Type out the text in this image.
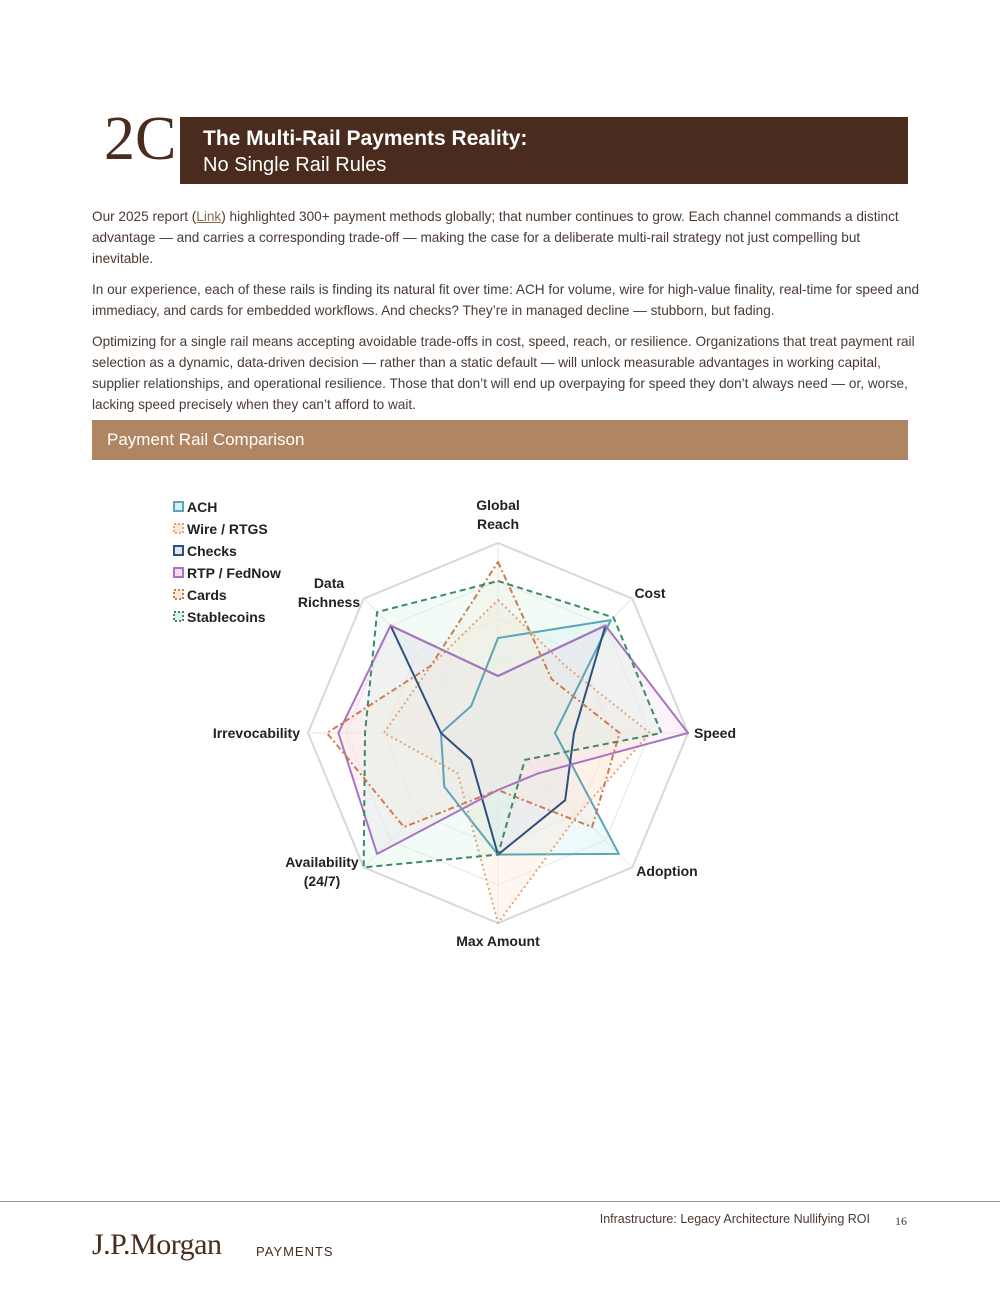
2C The Multi-Rail Payments Reality:
No Single Rail Rules

Our 2025 report (Link) highlighted 300+ payment methods globally; that number continues to grow. Each channel commands a distinct advantage — and carries a corresponding trade-off — making the case for a deliberate multi-rail strategy not just compelling but inevitable.

In our experience, each of these rails is finding its natural fit over time: ACH for volume, wire for high-value finality, real-time for speed and immediacy, and cards for embedded workflows. And checks? They’re in managed decline — stubborn, but fading.

Optimizing for a single rail means accepting avoidable trade-offs in cost, speed, reach, or resilience. Organizations that treat payment rail selection as a dynamic, data-driven decision — rather than a static default — will unlock measurable advantages in working capital, supplier relationships, and operational resilience. Those that don’t will end up overpaying for speed they don’t always need — or, worse, lacking speed precisely when they can’t afford to wait.

Payment Rail Comparison
Global Reach
Cost
Speed
Adoption
Max Amount
Availability (24/7)
Irrevocability
Data Richness
ACH
Wire / RTGS
Checks
RTP / FedNow
Cards
Stablecoins
Infrastructure: Legacy Architecture Nullifying ROI 16
J.P.Morgan	PAYMENTS
